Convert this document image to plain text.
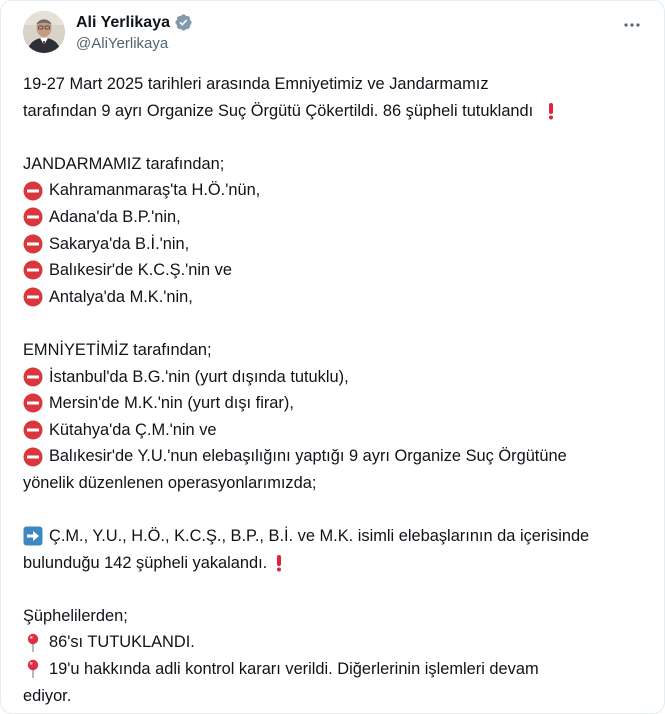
Ali Yerlikaya
@AliYerlikaya
19-27 Mart 2025 tarihleri arasında Emniyetimiz ve Jandarmamız
tarafından 9 ayrı Organize Suç Örgütü Çökertildi. 86 şüpheli tutuklandı
JANDARMAMIZ tarafından;
Kahramanmaraş'ta H.Ö.'nün,
Adana'da B.P.'nin,
Sakarya'da B.İ.'nin,
Balıkesir'de K.C.Ş.'nin ve
Antalya'da M.K.'nin,
EMNİYETİMİZ tarafından;
İstanbul'da B.G.'nin (yurt dışında tutuklu),
Mersin'de M.K.'nin (yurt dışı firar),
Kütahya'da Ç.M.'nin ve
Balıkesir'de Y.U.'nun elebaşılığını yaptığı 9 ayrı Organize Suç Örgütüne
yönelik düzenlenen operasyonlarımızda;
Ç.M., Y.U., H.Ö., K.C.Ş., B.P., B.İ. ve M.K. isimli elebaşlarının da içerisinde
bulunduğu 142 şüpheli yakalandı.
Şüphelilerden;
86'sı TUTUKLANDI.
19'u hakkında adli kontrol kararı verildi. Diğerlerinin işlemleri devam
ediyor.
